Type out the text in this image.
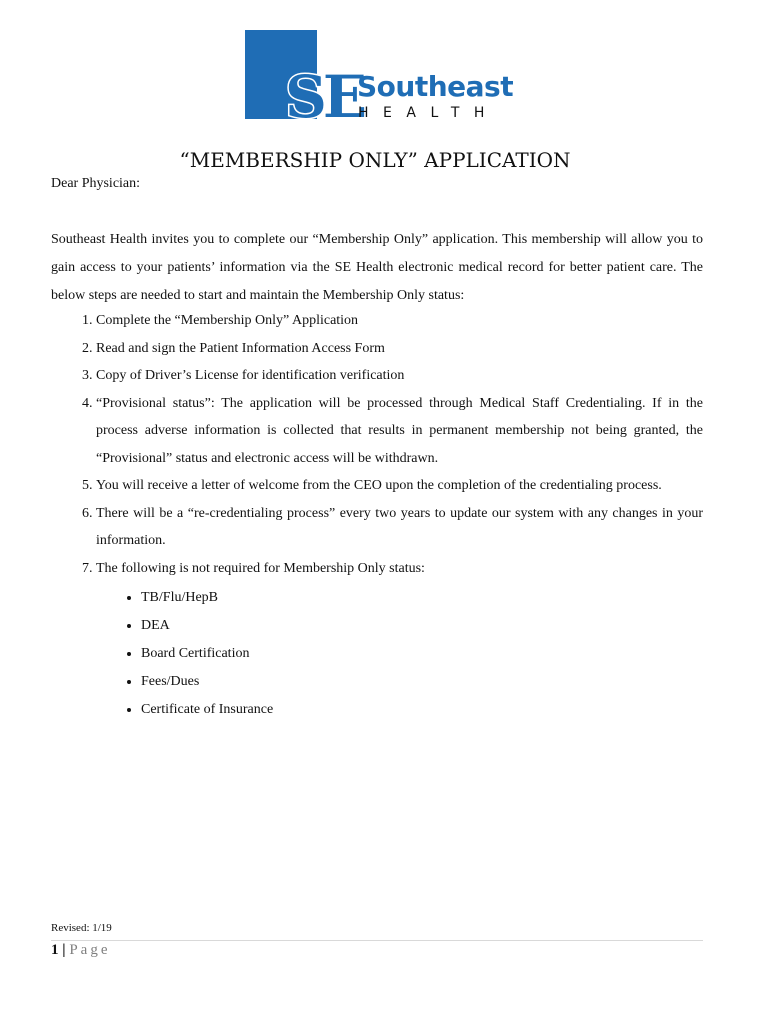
SE
Southeast
HEALTH
“MEMBERSHIP ONLY” APPLICATION
Dear Physician:

Southeast Health invites you to complete our “Membership Only” application. This membership will allow you to gain access to your patients’ information via the SE Health electronic medical record for better patient care. The below steps are needed to start and maintain the Membership Only status:

1. Complete the “Membership Only” Application
2. Read and sign the Patient Information Access Form
3. Copy of Driver’s License for identification verification
4. “Provisional status”: The application will be processed through Medical Staff Credentialing. If in the process adverse information is collected that results in permanent membership not being granted, the “Provisional” status and electronic access will be withdrawn.
5. You will receive a letter of welcome from the CEO upon the completion of the credentialing process.
6. There will be a “re-credentialing process” every two years to update our system with any changes in your information.
7. The following is not required for Membership Only status:
• TB/Flu/HepB
• DEA
• Board Certification
• Fees/Dues
• Certificate of Insurance
Revised: 1/19
1 | Page
